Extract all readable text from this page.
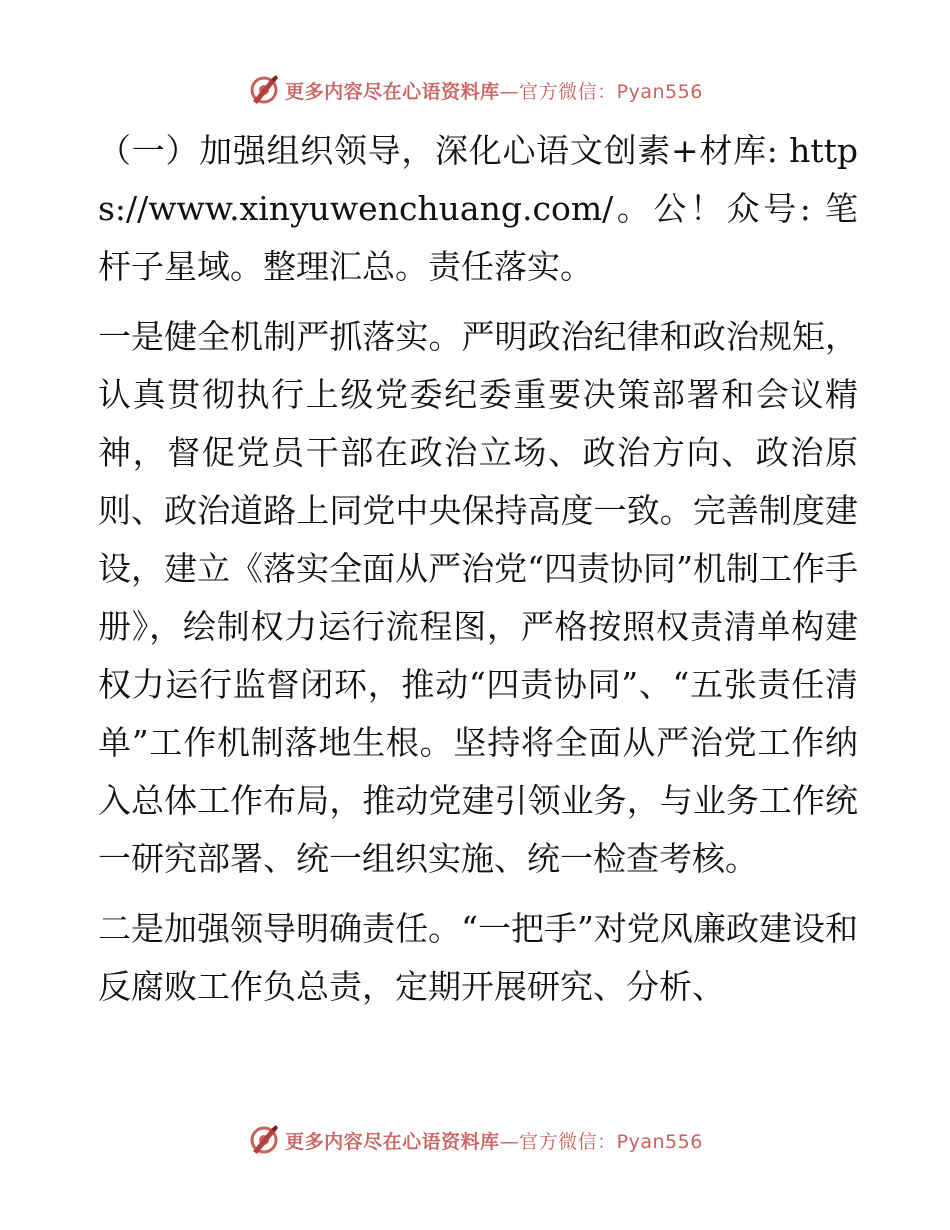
更多内容尽在心语资料库—官方微信：Pyan556

（一）加强组织领导，深化心语文创素+材库: https://www.xinyuwenchuang.com/。公！众号: 笔杆子星域。整理汇总。责任落实。

一是健全机制严抓落实。严明政治纪律和政治规矩，认真贯彻执行上级党委纪委重要决策部署和会议精神，督促党员干部在政治立场、政治方向、政治原则、政治道路上同党中央保持高度一致。完善制度建设，建立《落实全面从严治党“四责协同”机制工作手册》，绘制权力运行流程图，严格按照权责清单构建权力运行监督闭环，推动“四责协同”、“五张责任清单”工作机制落地生根。坚持将全面从严治党工作纳入总体工作布局，推动党建引领业务，与业务工作统一研究部署、统一组织实施、统一检查考核。

二是加强领导明确责任。“一把手”对党风廉政建设和反腐败工作负总责，定期开展研究、分析、

更多内容尽在心语资料库—官方微信：Pyan556
